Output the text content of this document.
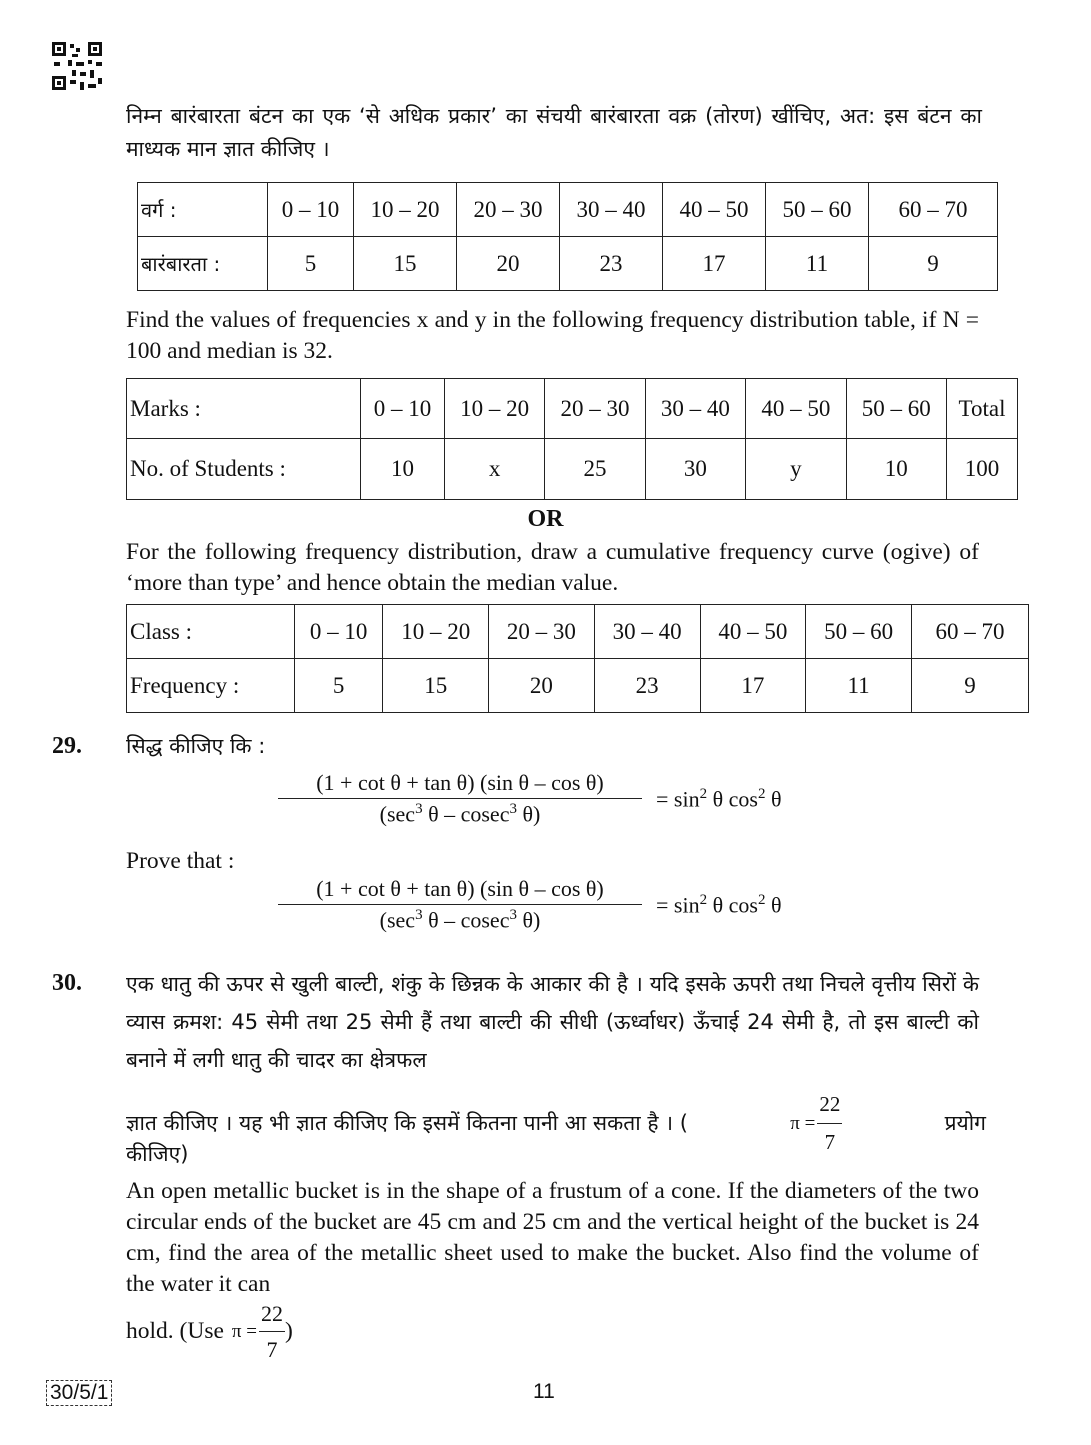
निम्न बारंबारता बंटन का एक ‘से अधिक प्रकार’ का संचयी बारंबारता वक्र (तोरण) खींचिए, अत: इस बंटन का माध्यक मान ज्ञात कीजिए ।
वर्ग :	0 – 10	10 – 20	20 – 30	30 – 40	40 – 50	50 – 60	60 – 70
बारंबारता :	5	15	20	23	17	11	9
Find the values of frequencies x and y in the following frequency distribution table, if N = 100 and median is 32.
Marks :	0 – 10	10 – 20	20 – 30	30 – 40	40 – 50	50 – 60	Total
No. of Students :	10	x	25	30	y	10	100
OR
For the following frequency distribution, draw a cumulative frequency curve (ogive) of ‘more than type’ and hence obtain the median value.
Class :	0 – 10	10 – 20	20 – 30	30 – 40	40 – 50	50 – 60	60 – 70
Frequency :	5	15	20	23	17	11	9
29. सिद्ध कीजिए कि :
$\frac{\text{(1 + cot θ + tan θ) (sin θ – cos θ)}}{(\sec^3 \theta - cosec^3 \theta)} = \sin^2 \theta$ $\cos^2 \theta$
Prove that :
$\frac{\text{(1 + cot θ + tan θ) (sin θ – cos θ)}}{(\sec^3 \theta - cosec^3 \theta)} = \sin^2 \theta$ $\cos^2 \theta$
30. एक धातु की ऊपर से खुली बाल्टी, शंकु के छिन्नक के आकार की है । यदि इसके ऊपरी तथा निचले वृत्तीय सिरों के व्यास क्रमश: 45 सेमी तथा 25 सेमी हैं तथा बाल्टी की सीधी (ऊर्ध्वाधर) ऊँचाई 24 सेमी है, तो इस बाल्टी को बनाने में लगी धातु की चादर का क्षेत्रफल
ज्ञात कीजिए । यह भी ज्ञात कीजिए कि इसमें कितना पानी आ सकता है । (	$\pi = \frac{22}{7}$	प्रयोग
कीजिए)
An open metallic bucket is in the shape of a frustum of a cone. If the diameters of the two circular ends of the bucket are 45 cm and 25 cm and the vertical height of the bucket is 24 cm, find the area of the metallic sheet used to make the bucket. Also find the volume of the water it can
hold. (Use $\pi = \frac{22}{7}$ )
30/5/1	11
